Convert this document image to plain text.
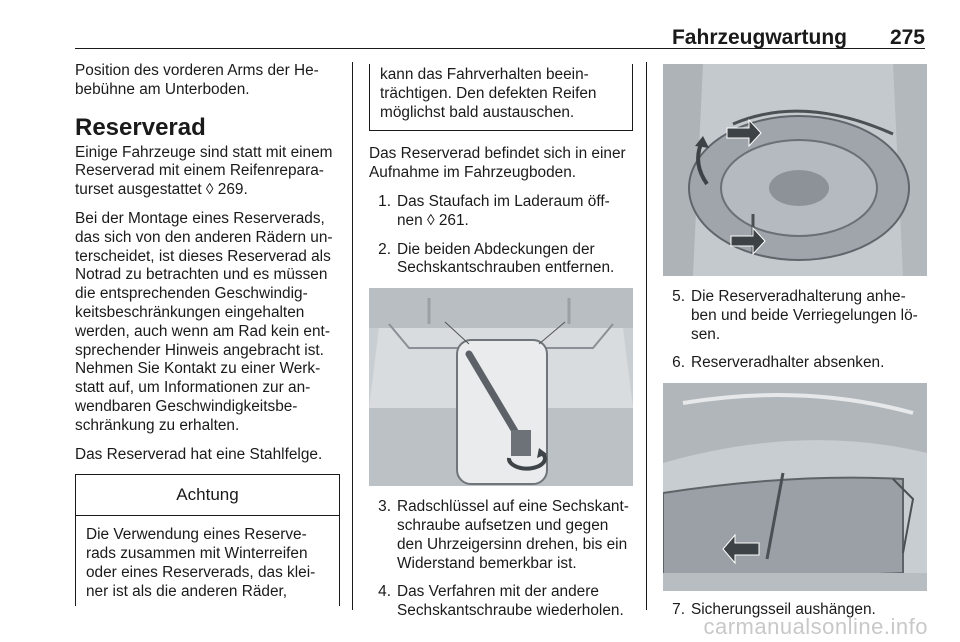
Fahrzeugwartung 275

Position des vorderen Arms der He-bebühne am Unterboden.

Reserverad

Einige Fahrzeuge sind statt mit einem Reserverad mit einem Reifenrepara-turset ausgestattet ◊ 269.

Bei der Montage eines Reserverads, das sich von den anderen Rädern un-terscheidet, ist dieses Reserverad als Notrad zu betrachten und es müssen die entsprechenden Geschwindig-keitsbeschränkungen eingehalten werden, auch wenn am Rad kein ent-sprechender Hinweis angebracht ist. Nehmen Sie Kontakt zu einer Werk-statt auf, um Informationen zur an-wendbaren Geschwindigkeitsbe-schränkung zu erhalten.

Das Reserverad hat eine Stahlfelge.

Achtung
Die Verwendung eines Reserve-rads zusammen mit Winterreifen oder eines Reserverads, das klei-ner ist als die anderen Räder,
kann das Fahrverhalten beein-trächtigen. Den defekten Reifen möglichst bald austauschen.

Das Reserverad befindet sich in einer Aufnahme im Fahrzeugboden.

1. Das Staufach im Laderaum öff-nen ◊ 261.
2. Die beiden Abdeckungen der Sechskantschrauben entfernen.
3. Radschlüssel auf eine Sechskant-schraube aufsetzen und gegen den Uhrzeigersinn drehen, bis ein Widerstand bemerkbar ist.
4. Das Verfahren mit der andere Sechskantschraube wiederholen.
5. Die Reserveradhalterung anhe-ben und beide Verriegelungen lö-sen.
6. Reserveradhalter absenken.
7. Sicherungsseil aushängen.
carmanualsonline.info
